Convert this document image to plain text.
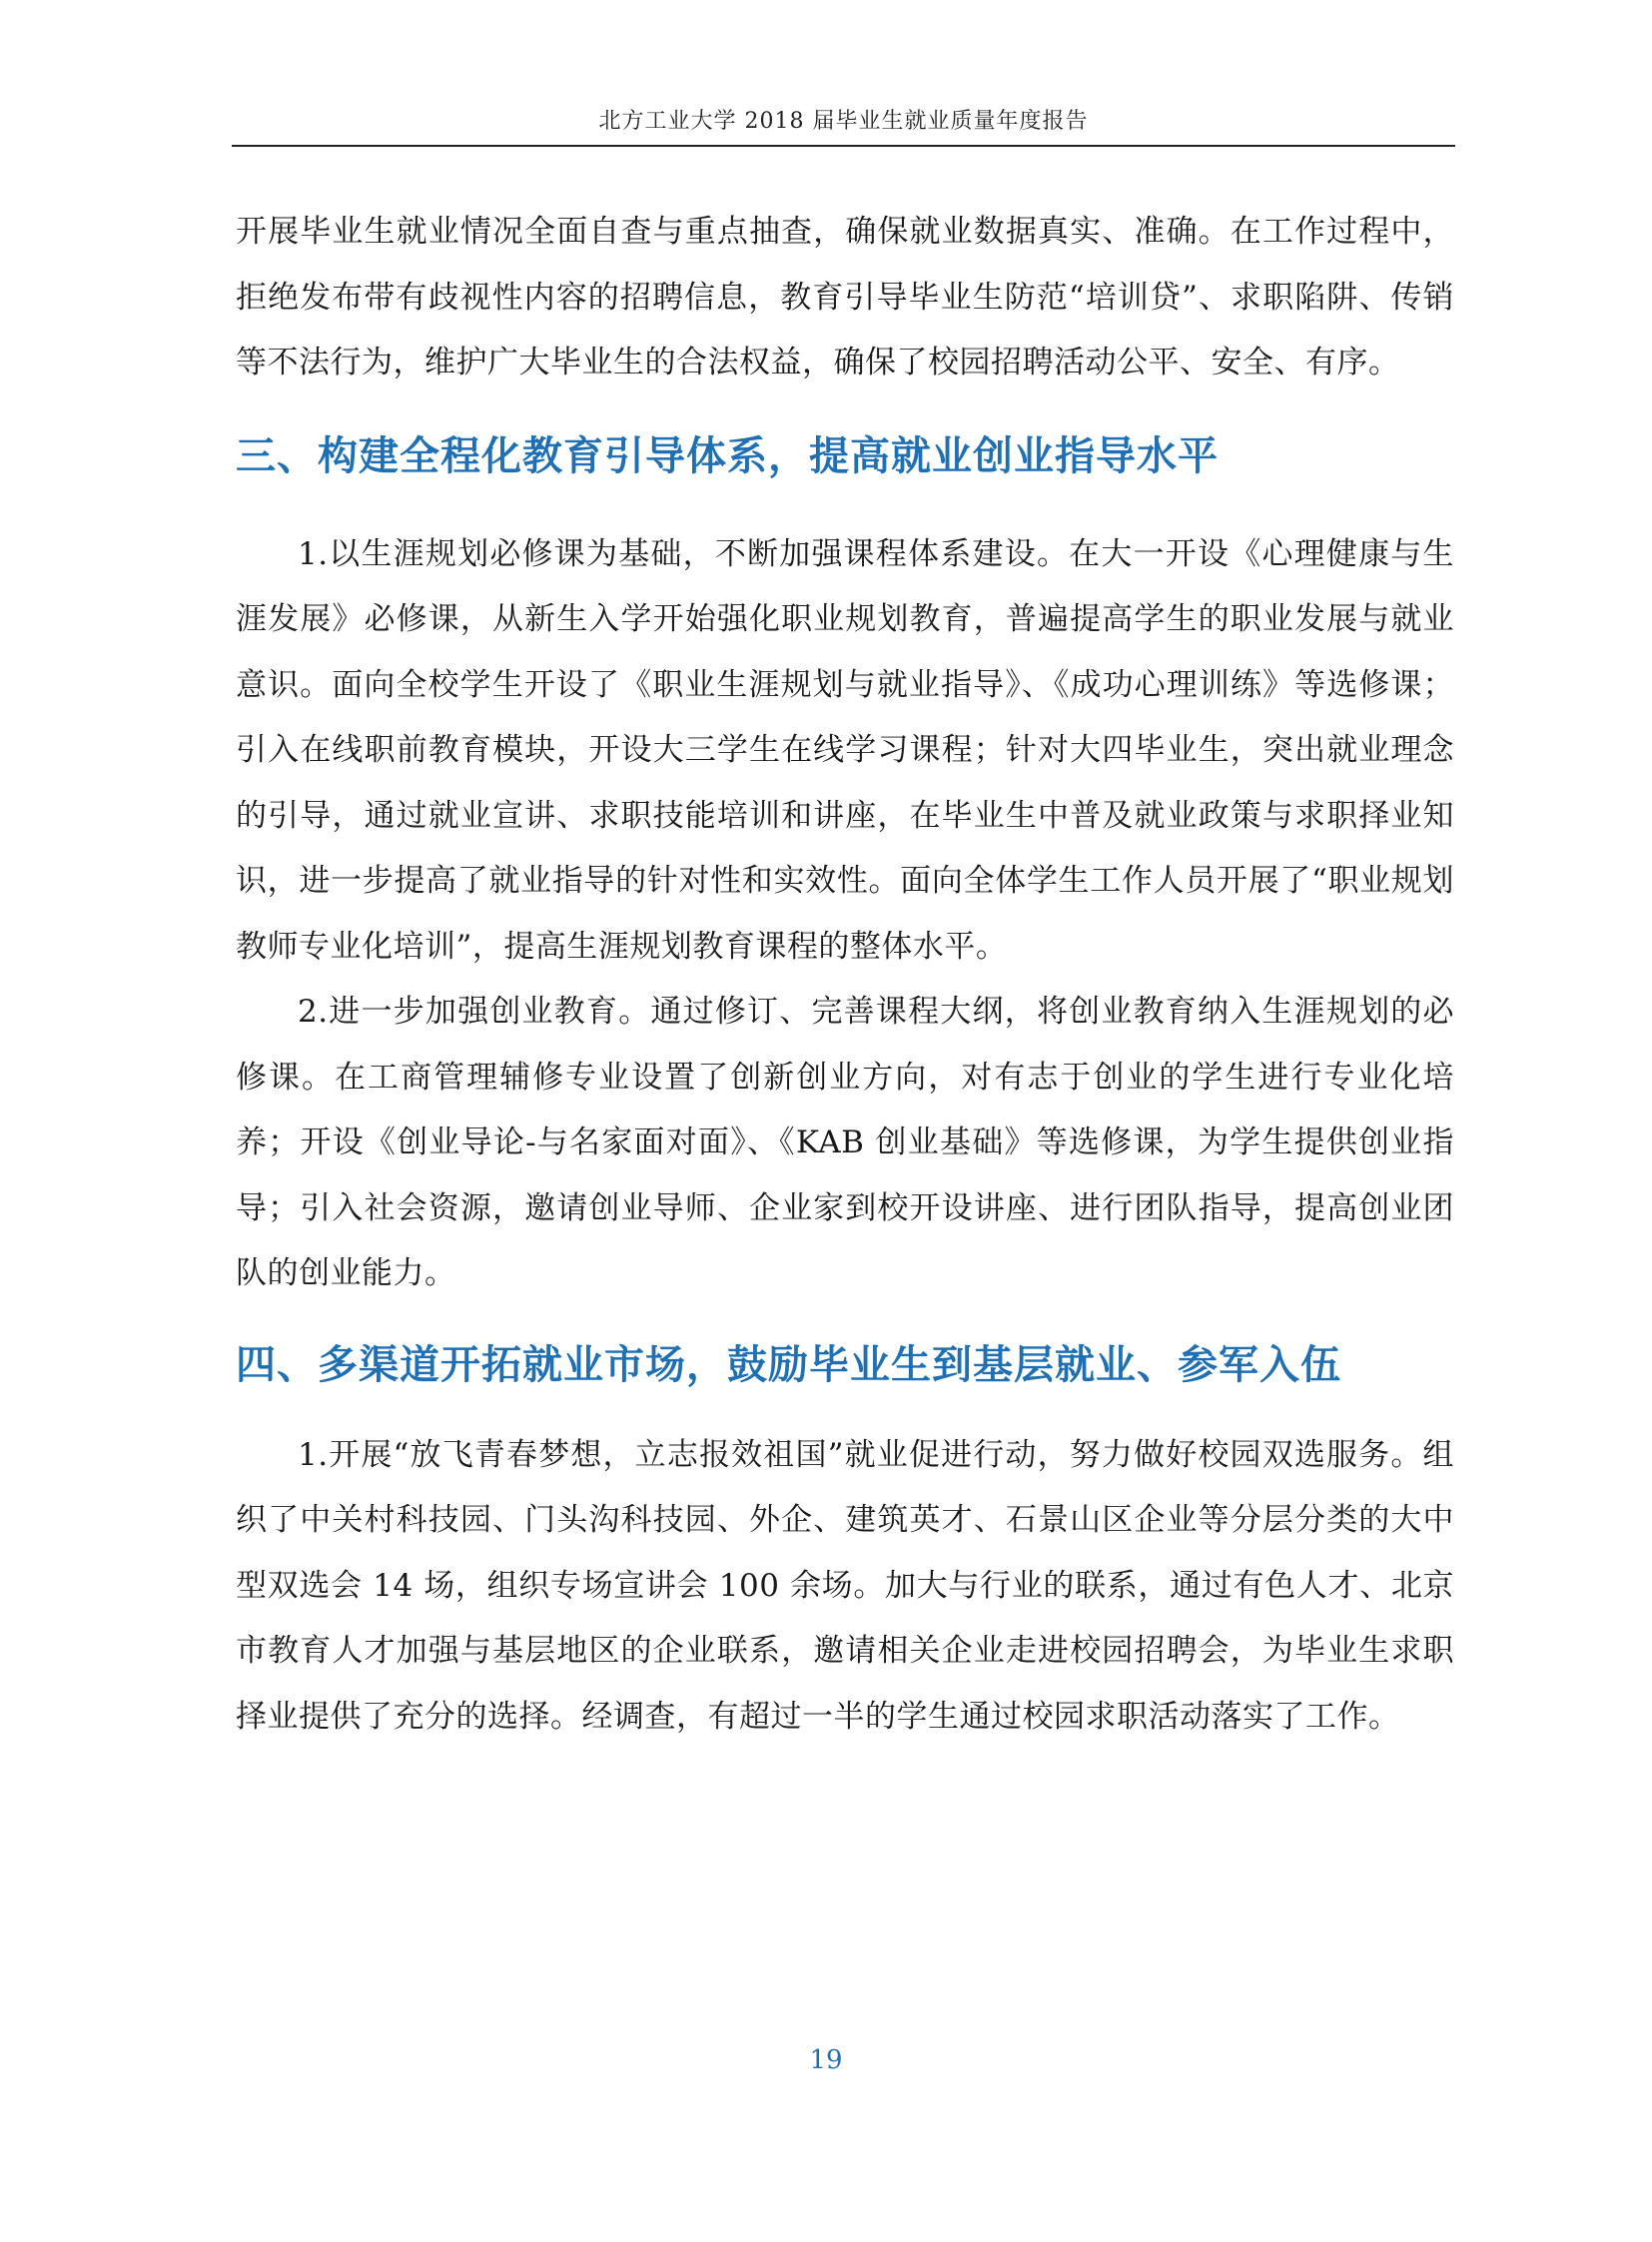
北方工业大学 2018 届毕业生就业质量年度报告

开展毕业生就业情况全面自查与重点抽查，确保就业数据真实、准确。在工作过程中，拒绝发布带有歧视性内容的招聘信息，教育引导毕业生防范“培训贷”、求职陷阱、传销等不法行为，维护广大毕业生的合法权益，确保了校园招聘活动公平、安全、有序。

三、构建全程化教育引导体系，提高就业创业指导水平

1.以生涯规划必修课为基础，不断加强课程体系建设。在大一开设《心理健康与生涯发展》必修课，从新生入学开始强化职业规划教育，普遍提高学生的职业发展与就业意识。面向全校学生开设了《职业生涯规划与就业指导》、《成功心理训练》等选修课；引入在线职前教育模块，开设大三学生在线学习课程；针对大四毕业生，突出就业理念的引导，通过就业宣讲、求职技能培训和讲座，在毕业生中普及就业政策与求职择业知识，进一步提高了就业指导的针对性和实效性。面向全体学生工作人员开展了“职业规划教师专业化培训”，提高生涯规划教育课程的整体水平。

2.进一步加强创业教育。通过修订、完善课程大纲，将创业教育纳入生涯规划的必修课。在工商管理辅修专业设置了创新创业方向，对有志于创业的学生进行专业化培养；开设《创业导论-与名家面对面》、《KAB 创业基础》等选修课，为学生提供创业指导；引入社会资源，邀请创业导师、企业家到校开设讲座、进行团队指导，提高创业团队的创业能力。

四、多渠道开拓就业市场，鼓励毕业生到基层就业、参军入伍

1.开展“放飞青春梦想，立志报效祖国”就业促进行动，努力做好校园双选服务。组织了中关村科技园、门头沟科技园、外企、建筑英才、石景山区企业等分层分类的大中型双选会 14 场，组织专场宣讲会 100 余场。加大与行业的联系，通过有色人才、北京市教育人才加强与基层地区的企业联系，邀请相关企业走进校园招聘会，为毕业生求职择业提供了充分的选择。经调查，有超过一半的学生通过校园求职活动落实了工作。

19
